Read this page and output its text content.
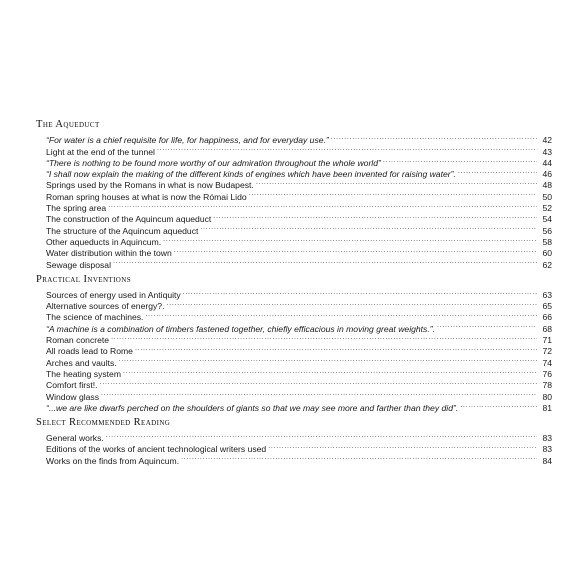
The Aqueduct
“For water is a chief requisite for life, for happiness, and for everyday use.” . . .	42
Light at the end of the tunnel . . .	43
“There is nothing to be found more worthy of our admiration throughout the whole world” . . .	44
“I shall now explain the making of the different kinds of engines which have been invented for raising water”. . . .	46
Springs used by the Romans in what is now Budapest. . . .	48
Roman spring houses at what is now the Római Lido . . .	50
The spring area . . .	52
The construction of the Aquincum aqueduct . . .	54
The structure of the Aquincum aqueduct . . .	56
Other aqueducts in Aquincum. . . .	58
Water distribution within the town . . .	60
Sewage disposal . . .	62
Practical Inventions
Sources of energy used in Antiquity . . .	63
Alternative sources of energy?. . . .	65
The science of machines. . . .	66
“A machine is a combination of timbers fastened together, chiefly efficacious in moving great weights.”. . . .	68
Roman concrete . . .	71
All roads lead to Rome . . .	72
Arches and vaults. . . .	74
The heating system . . .	76
Comfort first!. . . .	78
Window glass . . .	80
“...we are like dwarfs perched on the shoulders of giants so that we may see more and farther than they did”. . . .	81
Select Recommended Reading
General works. . . .	83
Editions of the works of ancient technological writers used . . .	83
Works on the finds from Aquincum. . . .	84
